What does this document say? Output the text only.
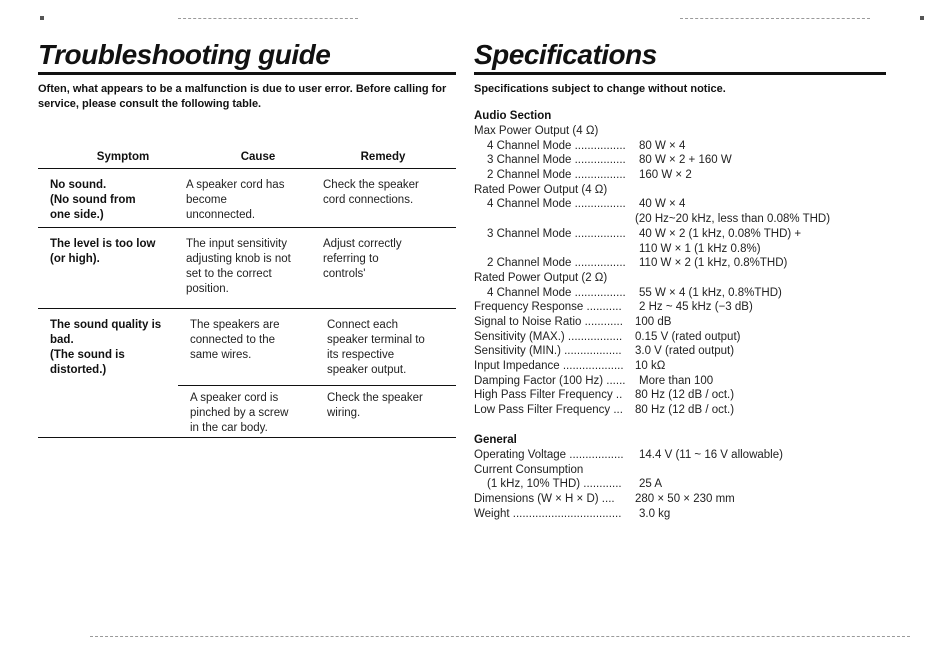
Troubleshooting guide

Often, what appears to be a malfunction is due to user error. Before calling for service, please consult the following table.

Symptom	Cause	Remedy
No sound.
(No sound from
one side.)
A speaker cord has
become
unconnected.
Check the speaker
cord connections.
The level is too low
(or high).
The input sensitivity
adjusting knob is not
set to the correct
position.
Adjust correctly
referring to
controls'
The sound quality is
bad.
(The sound is
distorted.)
The speakers are
connected to the
same wires.
Connect each
speaker terminal to
its respective
speaker output.
A speaker cord is
pinched by a screw
in the car body.
Check the speaker
wiring.
Specifications

Specifications subject to change without notice.

Audio Section
Max Power Output (4 Ω)
4 Channel Mode ................ 80 W × 4
3 Channel Mode ................ 80 W × 2 + 160 W
2 Channel Mode ................ 160 W × 2
Rated Power Output (4 Ω)
4 Channel Mode ................ 40 W × 4
(20 Hz~20 kHz, less than 0.08% THD)
3 Channel Mode ................ 40 W × 2 (1 kHz, 0.08% THD) +
110 W × 1 (1 kHz 0.8%)
2 Channel Mode ................ 110 W × 2 (1 kHz, 0.8%THD)
Rated Power Output (2 Ω)
4 Channel Mode ................ 55 W × 4 (1 kHz, 0.8%THD)
Frequency Response ........... 2 Hz ~ 45 kHz (−3 dB)
Signal to Noise Ratio ............ 100 dB
Sensitivity (MAX.) ................. 0.15 V (rated output)
Sensitivity (MIN.) .................. 3.0 V (rated output)
Input Impedance ................... 10 kΩ
Damping Factor (100 Hz) ...... More than 100
High Pass Filter Frequency .. 80 Hz (12 dB / oct.)
Low Pass Filter Frequency ... 80 Hz (12 dB / oct.)
General
Operating Voltage ................. 14.4 V (11 ~ 16 V allowable)
Current Consumption
(1 kHz, 10% THD) ............ 25 A
Dimensions (W × H × D) .... 280 × 50 × 230 mm
Weight .................................. 3.0 kg
